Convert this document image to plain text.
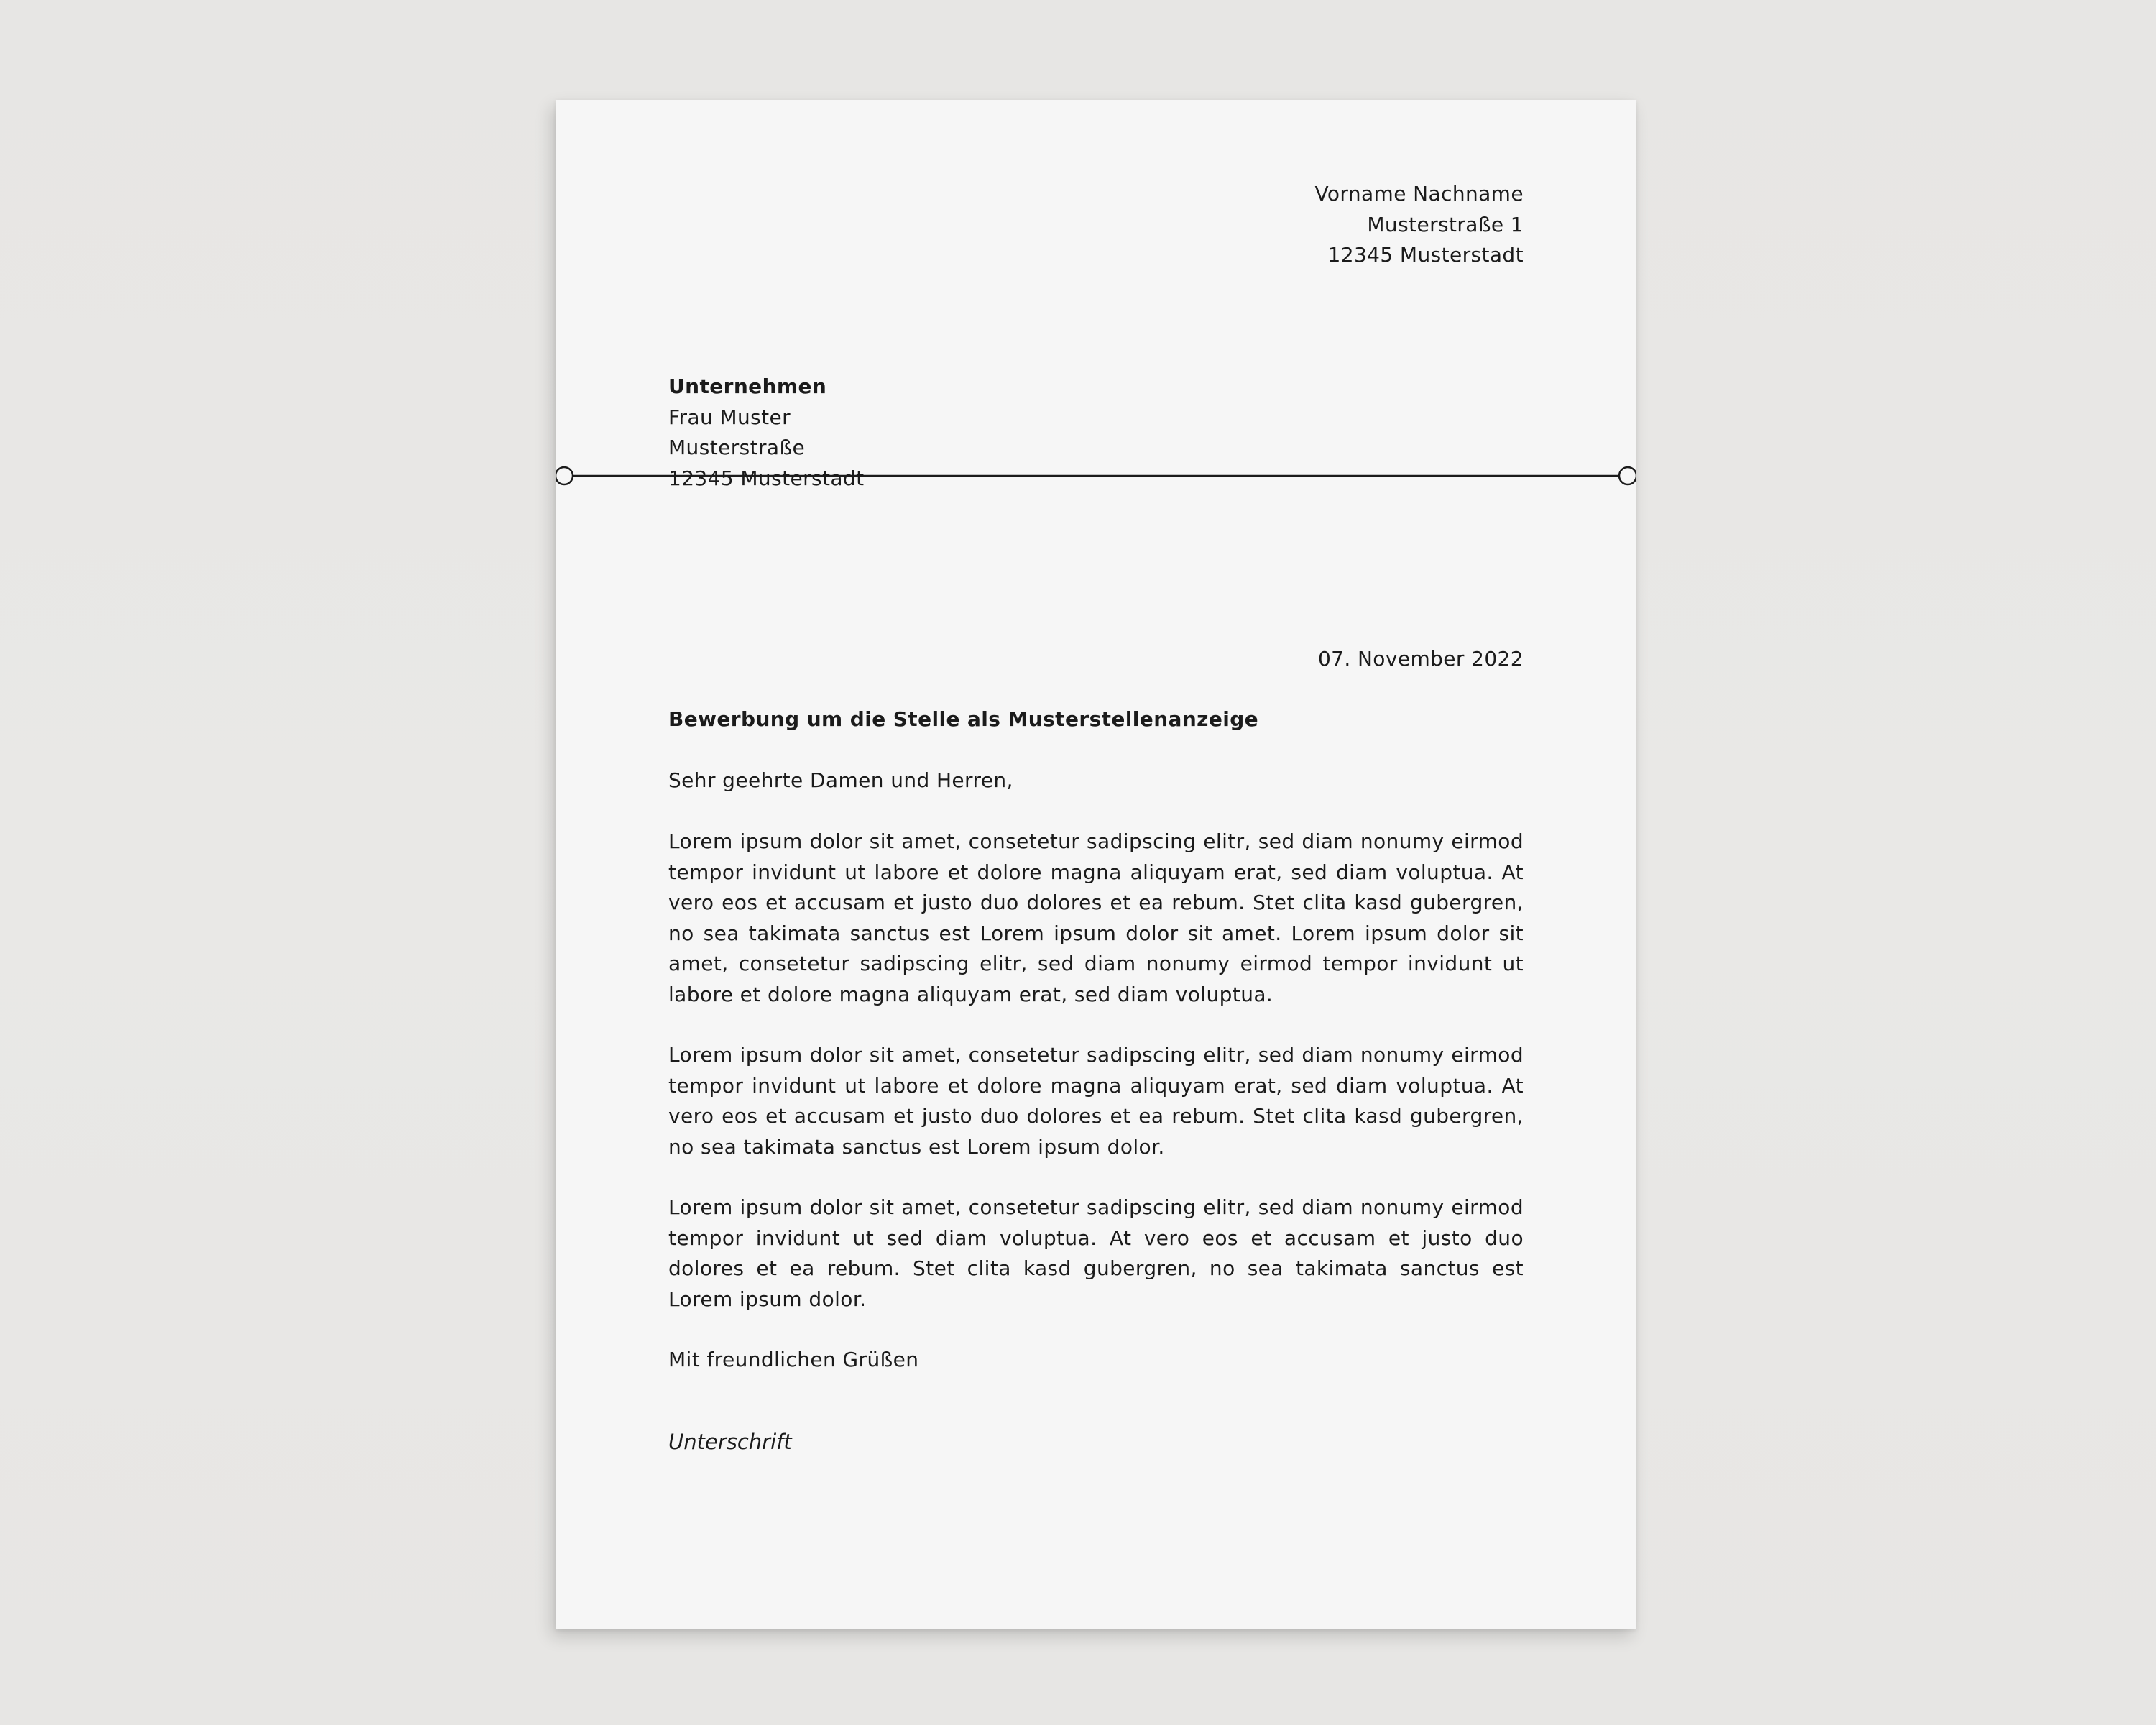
Vorname Nachname

Musterstraße 1

12345 Musterstadt

Unternehmen

Frau Muster

Musterstraße

12345 Musterstadt

07. November 2022

Bewerbung um die Stelle als Musterstellenanzeige

Sehr geehrte Damen und Herren,

Lorem ipsum dolor sit amet, consetetur sadipscing elitr, sed diam nonumy eirmod tempor invidunt ut labore et dolore magna aliquyam erat, sed diam voluptua. At vero eos et accusam et justo duo dolores et ea rebum. Stet clita kasd gubergren, no sea takimata sanctus est Lorem ipsum dolor sit amet. Lorem ipsum dolor sit amet, consetetur sadipscing elitr, sed diam nonumy eirmod tempor invidunt ut labore et dolore magna aliquyam erat, sed diam voluptua.

Lorem ipsum dolor sit amet, consetetur sadipscing elitr, sed diam nonumy eirmod tempor invidunt ut labore et dolore magna aliquyam erat, sed diam voluptua. At vero eos et accusam et justo duo dolores et ea rebum. Stet clita kasd gubergren, no sea takimata sanctus est Lorem ipsum dolor.

Lorem ipsum dolor sit amet, consetetur sadipscing elitr, sed diam nonumy eirmod tempor invidunt ut sed diam voluptua. At vero eos et accusam et justo duo dolores et ea rebum. Stet clita kasd gubergren, no sea takimata sanctus est Lorem ipsum dolor.

Mit freundlichen Grüßen

Unterschrift
